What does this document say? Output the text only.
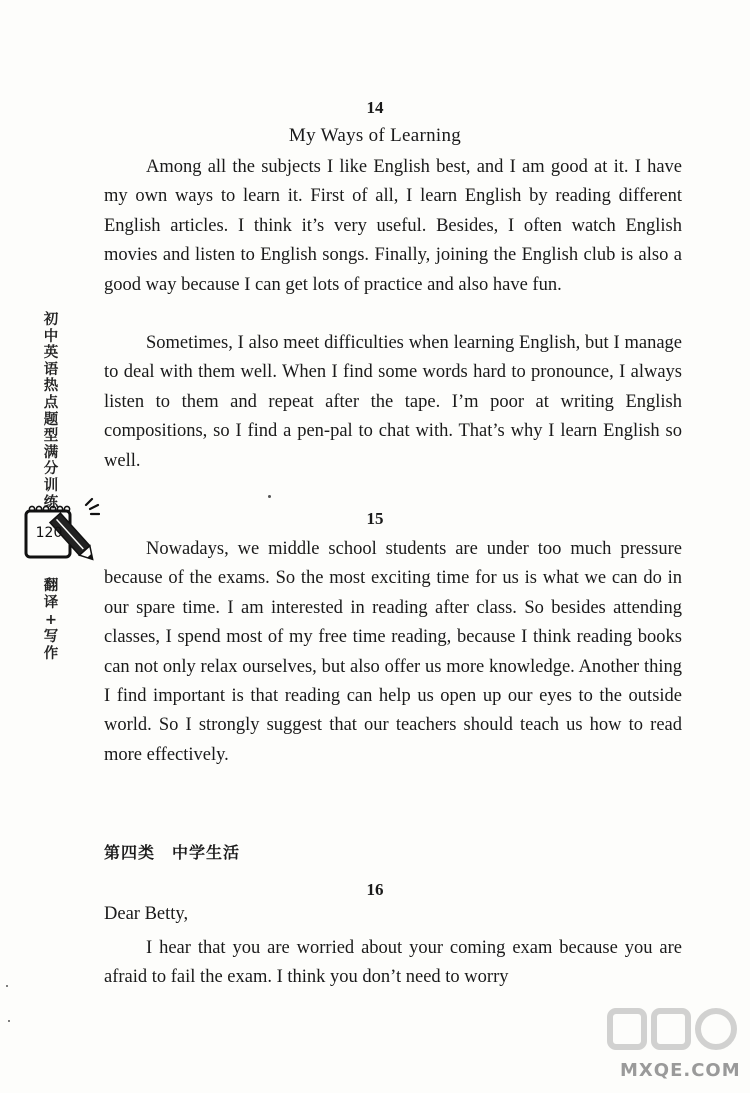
14
My Ways of Learning

Among all the subjects I like English best, and I am good at it. I have my own ways to learn it. First of all, I learn English by reading different English articles. I think it’s very useful. Besides, I often watch English movies and listen to English songs. Finally, joining the English club is also a good way because I can get lots of practice and also have fun.

Sometimes, I also meet difficulties when learning English, but I manage to deal with them well. When I find some words hard to pronounce, I always listen to them and repeat after the tape. I’m poor at writing English compositions, so I find a pen-pal to chat with. That’s why I learn English so well.

15

Nowadays, we middle school students are under too much pressure because of the exams. So the most exciting time for us is what we can do in our spare time. I am interested in reading after class. So besides attending classes, I spend most of my free time reading, because I think reading books can not only relax ourselves, but also offer us more knowledge. Another thing I find important is that reading can help us open up our eyes to the outside world. So I strongly suggest that our teachers should teach us how to read more effectively.

第四类　中学生活
16

Dear Betty,

I hear that you are worried about your coming exam because you are afraid to fail the exam. I think you don’t need to worry

初
中
英
语
热
点
题
型
满
分
训
练
120
翻
译
+
写
作
MXQE.COM
